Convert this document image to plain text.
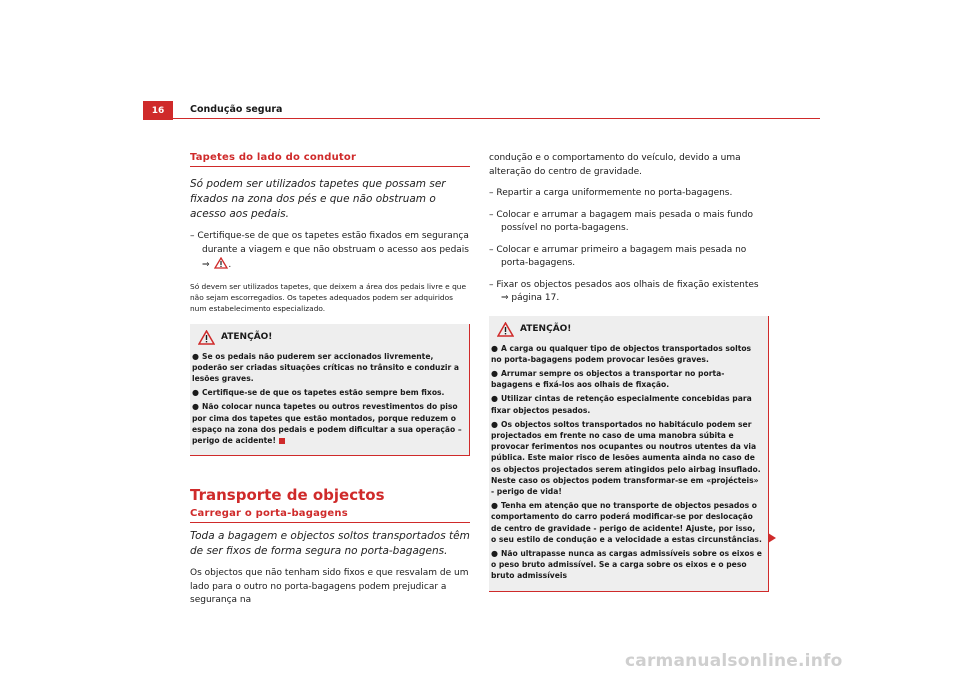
16	Condução segura
Tapetes do lado do condutor

Só podem ser utilizados tapetes que possam ser fixados na zona dos pés e que não obstruam o acesso aos pedais.

– Certifique-se de que os tapetes estão fixados em segurança durante a viagem e que não obstruam o acesso aos pedais
⇒ .

Só devem ser utilizados tapetes, que deixem a área dos pedais livre e que não sejam escorregadios. Os tapetes adequados podem ser adquiridos num estabelecimento especializado.

ATENÇÃO!

● Se os pedais não puderem ser accionados livremente, poderão ser criadas situações críticas no trânsito e conduzir a lesões graves.

● Certifique-se de que os tapetes estão sempre bem fixos.

● Não colocar nunca tapetes ou outros revestimentos do piso por cima dos tapetes que estão montados, porque reduzem o espaço na zona dos pedais e podem dificultar a sua operação – perigo de acidente!

Transporte de objectos
Carregar o porta-bagagens

Toda a bagagem e objectos soltos transportados têm de ser fixos de forma segura no porta-bagagens.

Os objectos que não tenham sido fixos e que resvalam de um lado para o outro no porta-bagagens podem prejudicar a segurança na

condução e o comportamento do veículo, devido a uma alteração do centro de gravidade.

– Repartir a carga uniformemente no porta-bagagens.

– Colocar e arrumar a bagagem mais pesada o mais fundo possível no porta-bagagens.

– Colocar e arrumar primeiro a bagagem mais pesada no porta-bagagens.

– Fixar os objectos pesados aos olhais de fixação existentes
⇒ página 17.

ATENÇÃO!

● A carga ou qualquer tipo de objectos transportados soltos no porta-bagagens podem provocar lesões graves.

● Arrumar sempre os objectos a transportar no porta-bagagens e fixá-los aos olhais de fixação.

● Utilizar cintas de retenção especialmente concebidas para fixar objectos pesados.

● Os objectos soltos transportados no habitáculo podem ser projectados em frente no caso de uma manobra súbita e provocar ferimentos nos ocupantes ou noutros utentes da via pública. Este maior risco de lesões aumenta ainda no caso de os objectos projectados serem atingidos pelo airbag insuflado. Neste caso os objectos podem transformar-se em «projécteis» - perigo de vida!

● Tenha em atenção que no transporte de objectos pesados o comportamento do carro poderá modificar-se por deslocação de centro de gravidade - perigo de acidente! Ajuste, por isso, o seu estilo de condução e a velocidade a estas circunstâncias.

● Não ultrapasse nunca as cargas admissíveis sobre os eixos e o peso bruto admissível. Se a carga sobre os eixos e o peso bruto admissíveis

carmanualsonline.info
